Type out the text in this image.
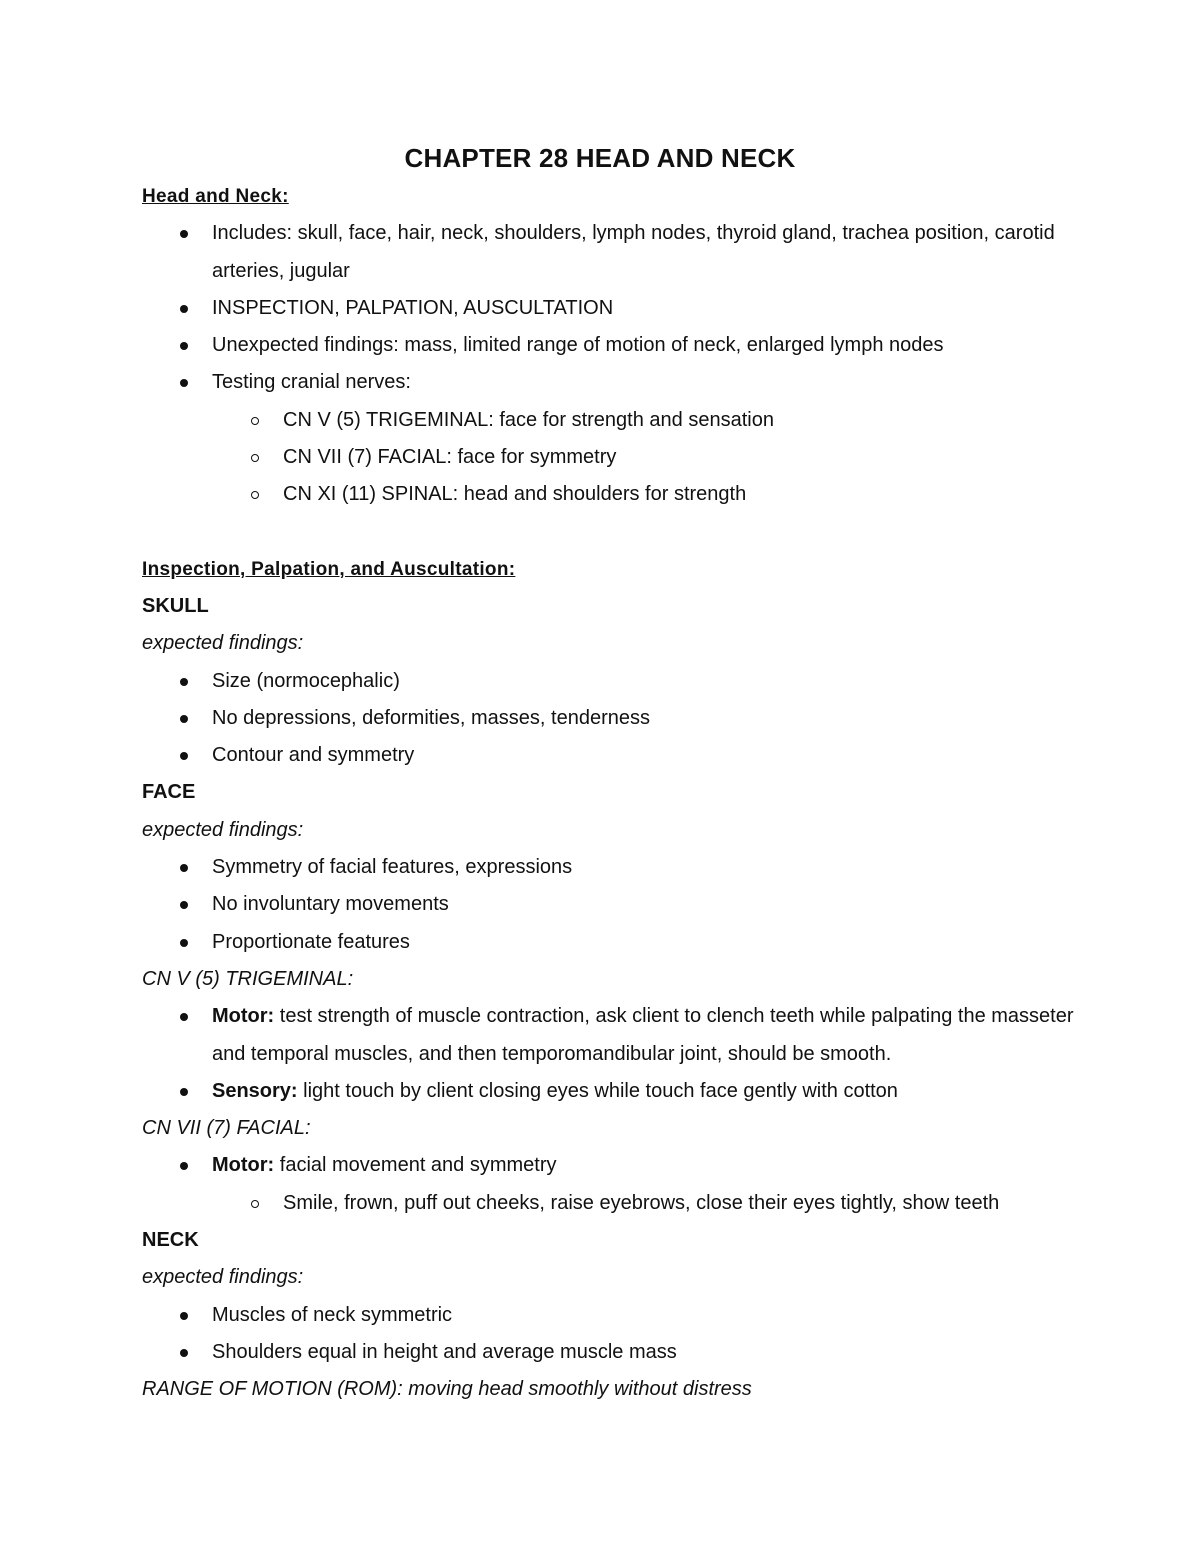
CHAPTER 28 HEAD AND NECK
Head and Neck:
Includes: skull, face, hair, neck, shoulders, lymph nodes, thyroid gland, trachea position, carotid arteries, jugular
INSPECTION, PALPATION, AUSCULTATION
Unexpected findings: mass, limited range of motion of neck, enlarged lymph nodes
Testing cranial nerves:
CN V (5) TRIGEMINAL: face for strength and sensation
CN VII (7) FACIAL: face for symmetry
CN XI (11) SPINAL: head and shoulders for strength
Inspection, Palpation, and Auscultation:
SKULL
expected findings:
Size (normocephalic)
No depressions, deformities, masses, tenderness
Contour and symmetry
FACE
expected findings:
Symmetry of facial features, expressions
No involuntary movements
Proportionate features
CN V (5) TRIGEMINAL:
Motor: test strength of muscle contraction, ask client to clench teeth while palpating the masseter and temporal muscles, and then temporomandibular joint, should be smooth.
Sensory: light touch by client closing eyes while touch face gently with cotton
CN VII (7) FACIAL:
Motor: facial movement and symmetry
Smile, frown, puff out cheeks, raise eyebrows, close their eyes tightly, show teeth
NECK
expected findings:
Muscles of neck symmetric
Shoulders equal in height and average muscle mass
RANGE OF MOTION (ROM): moving head smoothly without distress
